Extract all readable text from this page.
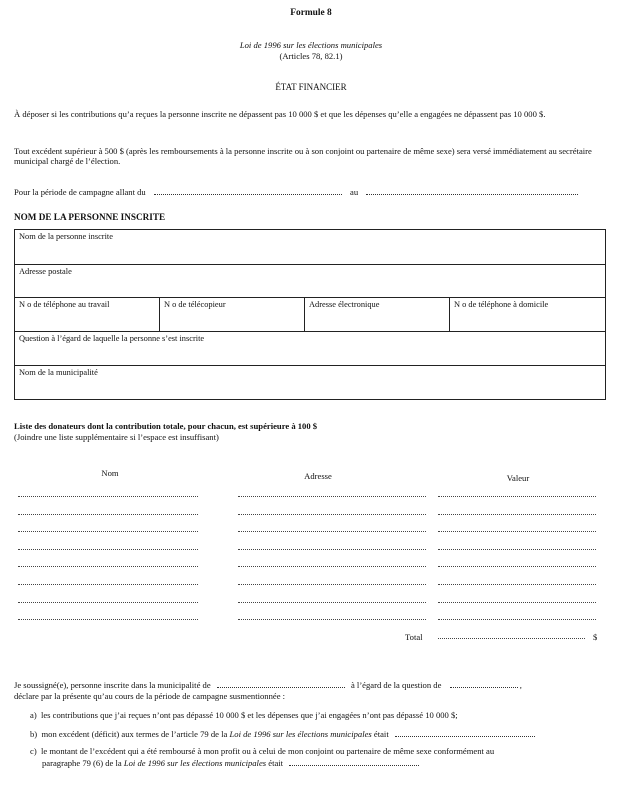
Formule 8
Loi de 1996 sur les élections municipales
(Articles 78, 82.1)
ÉTAT FINANCIER
À déposer si les contributions qu’a reçues la personne inscrite ne dépassent pas 10 000 $ et que les dépenses qu’elle a engagées ne dépassent pas 10 000 $.
Tout excédent supérieur à 500 $ (après les remboursements à la personne inscrite ou à son conjoint ou partenaire de même sexe) sera versé immédiatement au secrétaire municipal chargé de l’élection.
Pour la période de campagne allant du	au
NOM DE LA PERSONNE INSCRITE
Nom de la personne inscrite
Adresse postale
N o de téléphone au travail	N o de télécopieur	Adresse électronique	N o de téléphone à domicile
Question à l’égard de laquelle la personne s’est inscrite
Nom de la municipalité
Liste des donateurs dont la contribution totale, pour chacun, est supérieure à 100 $
(Joindre une liste supplémentaire si l’espace est insuffisant)
Nom	Adresse	Valeur
Total	$
Je soussigné(e), personne inscrite dans la municipalité de	à l’égard de la question de	,
déclare par la présente qu’au cours de la période de campagne susmentionnée :
a) les contributions que j’ai reçues n’ont pas dépassé 10 000 $ et les dépenses que j’ai engagées n’ont pas dépassé 10 000 $;
b) mon excédent (déficit) aux termes de l’article 79 de la Loi de 1996 sur les élections municipales était
c) le montant de l’excédent qui a été remboursé à mon profit ou à celui de mon conjoint ou partenaire de même sexe conformément au
paragraphe 79 (6) de la Loi de 1996 sur les élections municipales était
